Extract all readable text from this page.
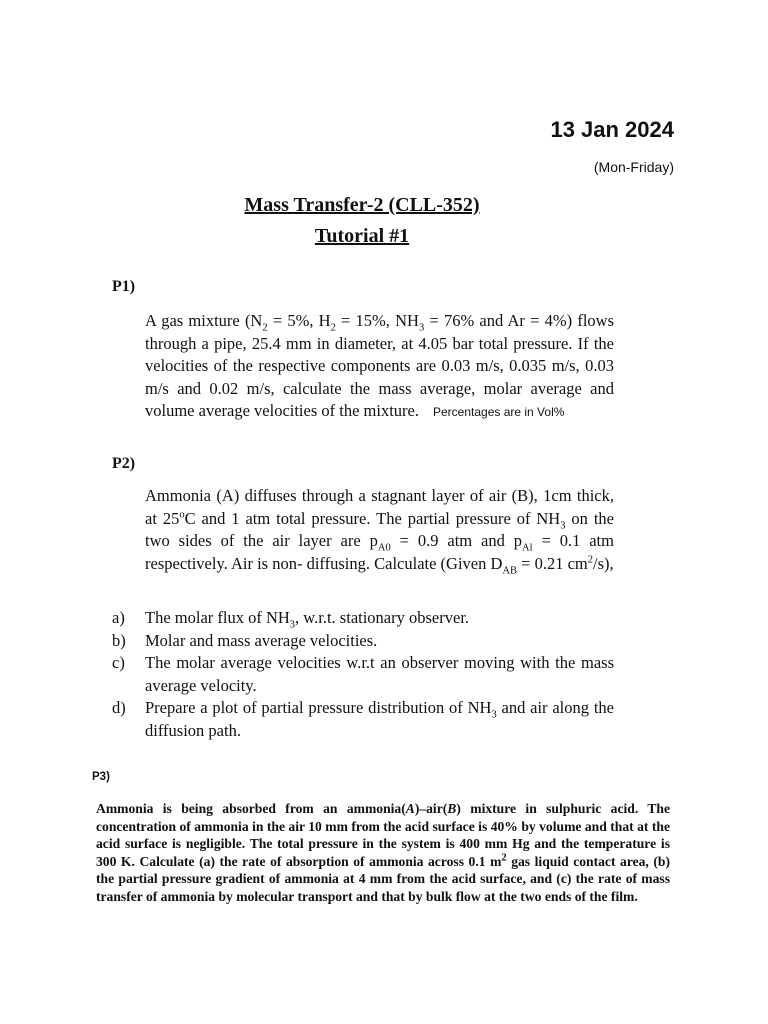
13 Jan 2024
(Mon-Friday)
Mass Transfer-2 (CLL-352)
Tutorial #1
P1)
A gas mixture ($N_2 = 5\%$, $H_2 = 15\%$, $NH_3 = 76\%$ and Ar = 4%) flows through a pipe, 25.4 mm in diameter, at 4.05 bar total pressure. If the velocities of the respective components are 0.03 m/s, 0.035 m/s, 0.03 m/s and 0.02 m/s, calculate the mass average, molar average and volume average velocities of the mixture. Percentages are in Vol%
P2)
Ammonia (A) diffuses through a stagnant layer of air (B), 1cm thick, at 25$^o$C and 1 atm total pressure. The partial pressure of $NH_3$ on the two sides of the air layer are $p_{A0} = 0.9$ atm and $p_{Al} = 0.1$ atm respectively. Air is non- diffusing. Calculate (Given $D_{AB} = 0.21$ $cm^2/s$),
a)	The molar flux of $NH_3$, w.r.t. stationary observer.
b)	Molar and mass average velocities.
c)	The molar average velocities w.r.t an observer moving with the mass average velocity.
d)	Prepare a plot of partial pressure distribution of $NH_3$ and air along the diffusion path.
P3)
Ammonia is being absorbed from an ammonia(A)–air(B) mixture in sulphuric acid. The concentration of ammonia in the air 10 mm from the acid surface is 40% by volume and that at the acid surface is negligible. The total pressure in the system is 400 mm Hg and the temperature is 300 K. Calculate (a) the rate of absorption of ammonia across 0.1 $m^2$ gas liquid contact area, (b) the partial pressure gradient of ammonia at 4 mm from the acid surface, and (c) the rate of mass transfer of ammonia by molecular transport and that by bulk flow at the two ends of the film.
